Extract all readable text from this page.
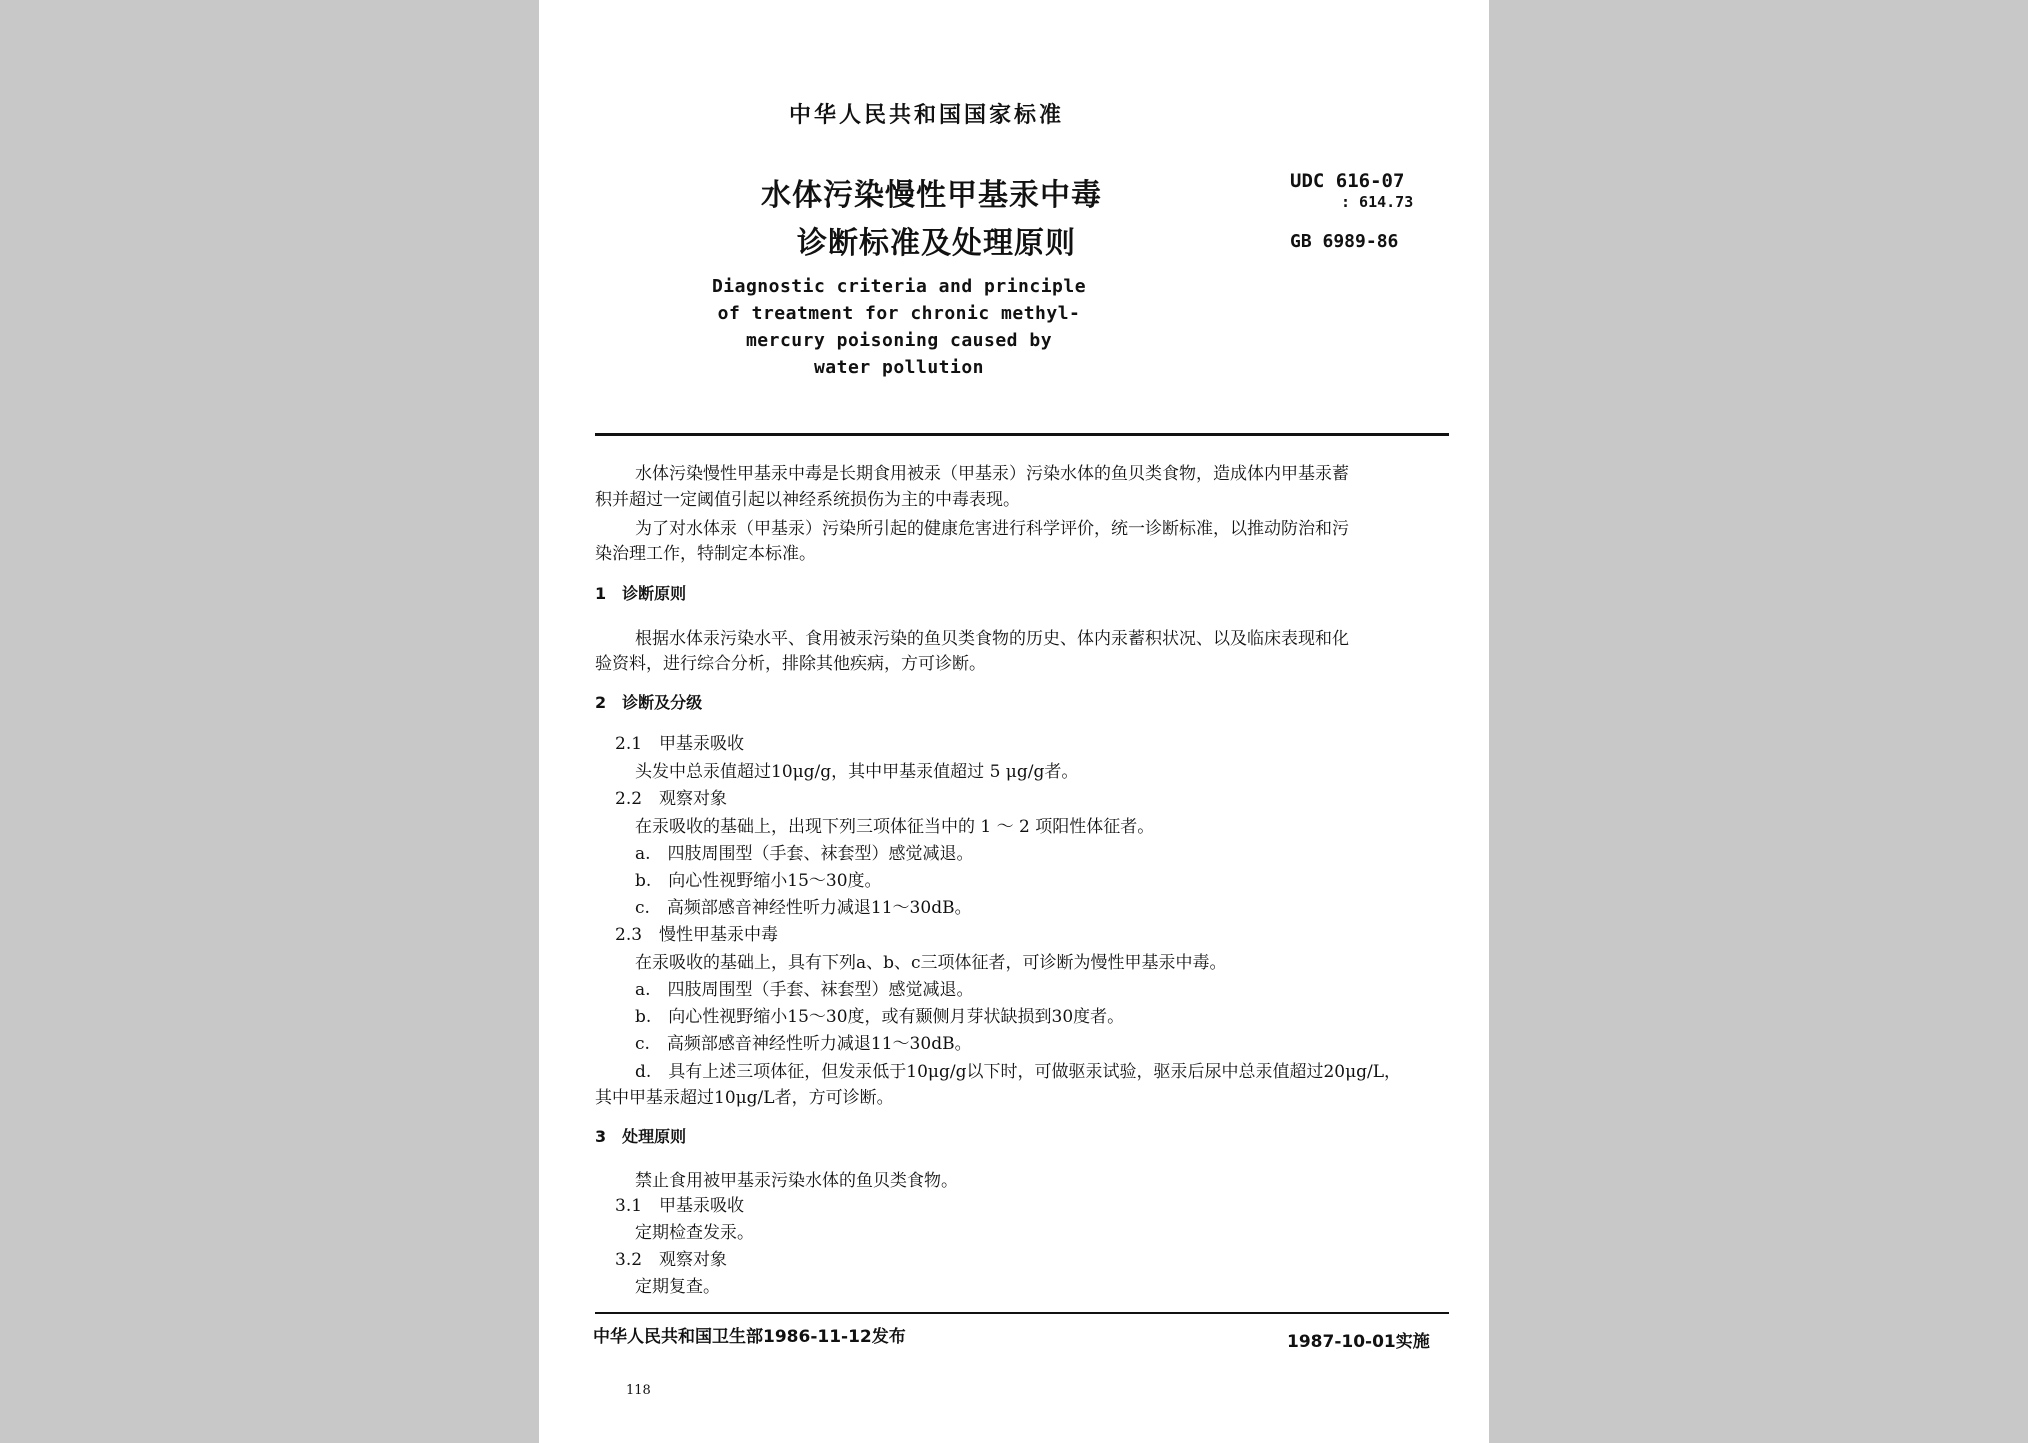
中华人民共和国国家标准
水体污染慢性甲基汞中毒
诊断标准及处理原则
UDC 616-07
: 614.73
GB 6989-86
Diagnostic criteria and principle
of treatment for chronic methyl-
mercury poisoning caused by
water pollution
水体污染慢性甲基汞中毒是长期食用被汞（甲基汞）污染水体的鱼贝类食物，造成体内甲基汞蓄
积并超过一定阈值引起以神经系统损伤为主的中毒表现。
为了对水体汞（甲基汞）污染所引起的健康危害进行科学评价，统一诊断标准，以推动防治和污
染治理工作，特制定本标准。
1　诊断原则
根据水体汞污染水平、食用被汞污染的鱼贝类食物的历史、体内汞蓄积状况、以及临床表现和化
验资料，进行综合分析，排除其他疾病，方可诊断。
2　诊断及分级
2.1　甲基汞吸收
头发中总汞值超过10μg/g，其中甲基汞值超过 5 μg/g者。
2.2　观察对象
在汞吸收的基础上，出现下列三项体征当中的 1 ～ 2 项阳性体征者。
a.　四肢周围型（手套、袜套型）感觉减退。
b.　向心性视野缩小15～30度。
c.　高频部感音神经性听力减退11～30dB。
2.3　慢性甲基汞中毒
在汞吸收的基础上，具有下列a、b、c三项体征者，可诊断为慢性甲基汞中毒。
a.　四肢周围型（手套、袜套型）感觉减退。
b.　向心性视野缩小15～30度，或有颞侧月芽状缺损到30度者。
c.　高频部感音神经性听力减退11～30dB。
d.　具有上述三项体征，但发汞低于10μg/g以下时，可做驱汞试验，驱汞后尿中总汞值超过20μg/L，
其中甲基汞超过10μg/L者，方可诊断。
3　处理原则
禁止食用被甲基汞污染水体的鱼贝类食物。
3.1　甲基汞吸收
定期检查发汞。
3.2　观察对象
定期复查。
中华人民共和国卫生部1986-11-12发布	1987-10-01实施
118
